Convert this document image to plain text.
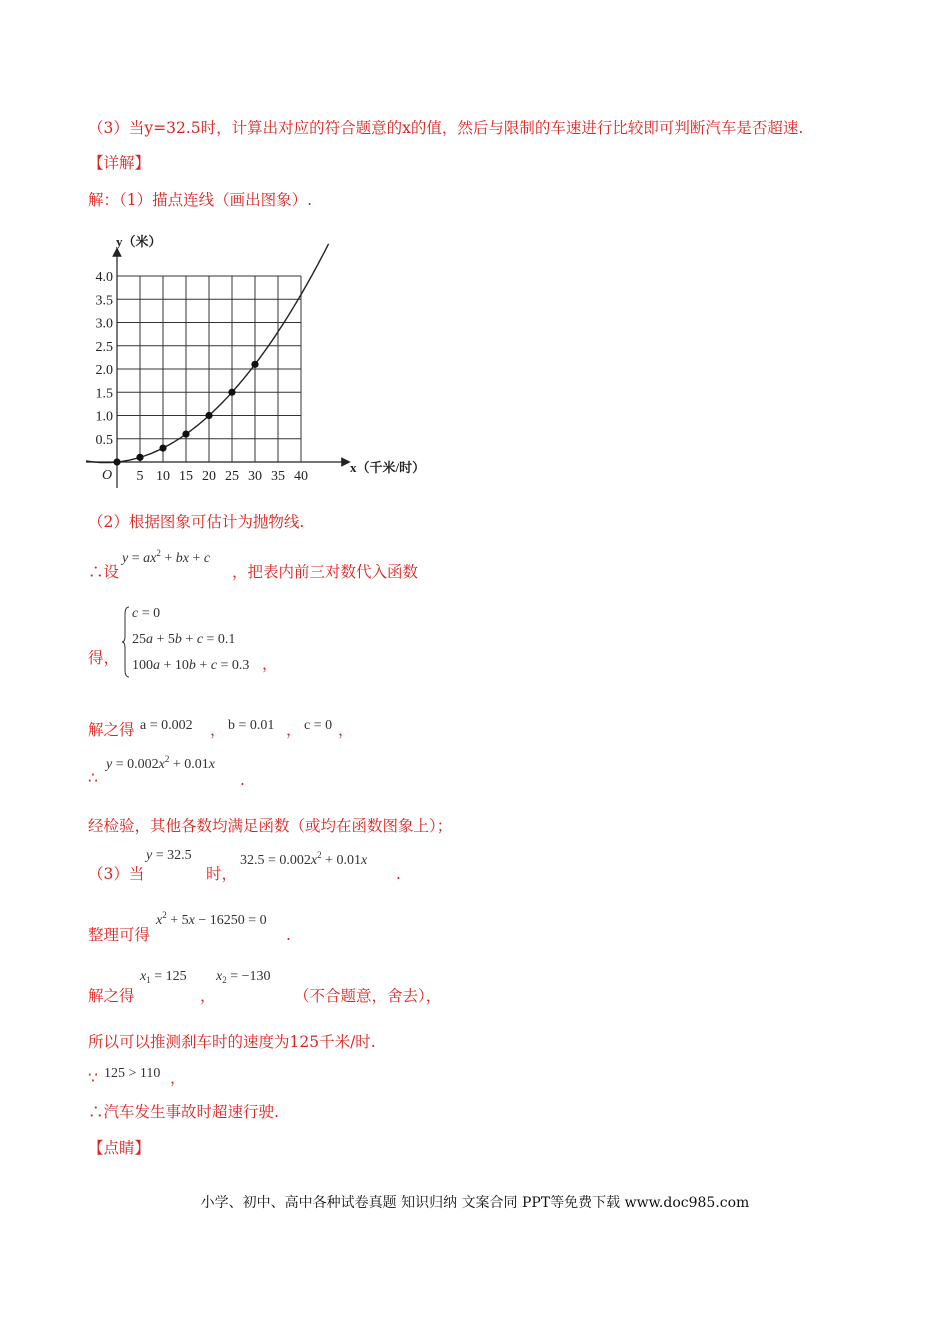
（3）当y=32.5时，计算出对应的符合题意的x的值，然后与限制的车速进行比较即可判断汽车是否超速.
【详解】
解：（1）描点连线（画出图象）.
y（米）
x（千米/时）
O 5 10 15 20 25 30 35 40
0.5
1.0
1.5
2.0
2.5
3.0
3.5
4.0
（2）根据图象可估计为抛物线.
∴设
$y = ax^2$ + bx + c
，把表内前三对数代入函数
得，
c = 0
25a + 5b + c = 0.1
100a + 10b + c = 0.3 ，
解之得 a = 0.002 ， b = 0.01 ， c = 0 ，
∴
$y = 0.002x^2 + 0.01x$
.
经检验，其他各数均满足函数（或均在函数图象上）；
（3）当
y = 32.5
时，
$32.5 = 0.002x^2 + 0.01x$
.
整理可得
$x^2 + 5x - 16250 = 0$
.
解之得
$x_1 = 125$
，
$x_2 = -130$
（不合题意，舍去），
所以可以推测刹车时的速度为125千米/时.
∵ 125 > 110 ，
∴汽车发生事故时超速行驶.
【点睛】
小学、初中、高中各种试卷真题 知识归纳 文案合同 PPT等免费下载 www.doc985.com
